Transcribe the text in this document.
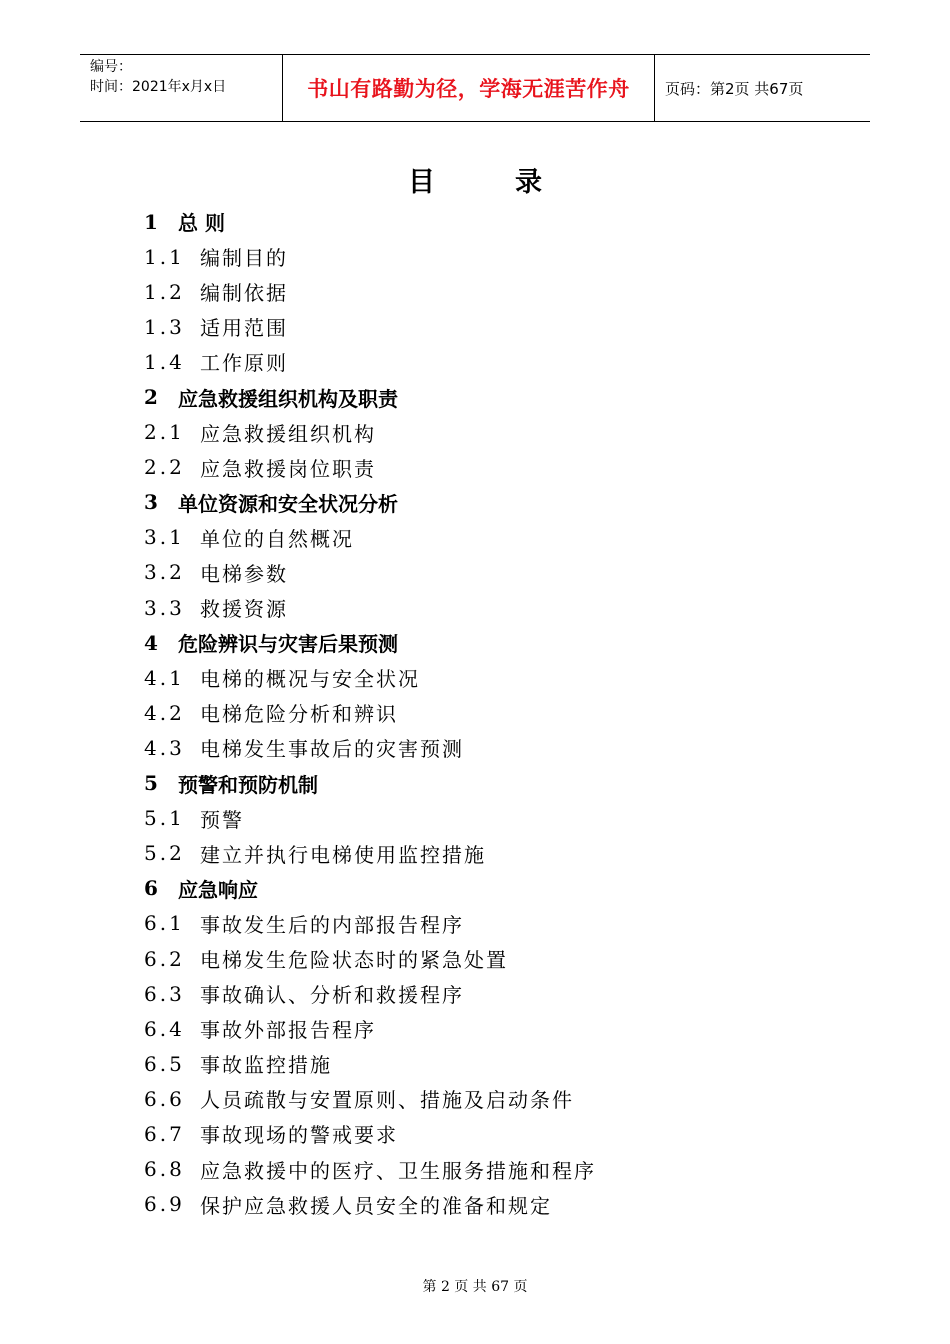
编号：
时间：2021年x月x日	书山有路勤为径，学海无涯苦作舟 页码：第2页 共67页
目录
1	总 则
1.1 编制目的
1.2 编制依据
1.3 适用范围
1.4 工作原则
2	应急救援组织机构及职责
2.1 应急救援组织机构
2.2 应急救援岗位职责
3	单位资源和安全状况分析
3.1 单位的自然概况
3.2 电梯参数
3.3 救援资源
4	危险辨识与灾害后果预测
4.1 电梯的概况与安全状况
4.2 电梯危险分析和辨识
4.3 电梯发生事故后的灾害预测
5	预警和预防机制
5.1 预警
5.2 建立并执行电梯使用监控措施
6	应急响应
6.1 事故发生后的内部报告程序
6.2 电梯发生危险状态时的紧急处置
6.3 事故确认、分析和救援程序
6.4 事故外部报告程序
6.5 事故监控措施
6.6 人员疏散与安置原则、措施及启动条件
6.7 事故现场的警戒要求
6.8 应急救援中的医疗、卫生服务措施和程序
6.9 保护应急救援人员安全的准备和规定
第 2 页 共 67 页
